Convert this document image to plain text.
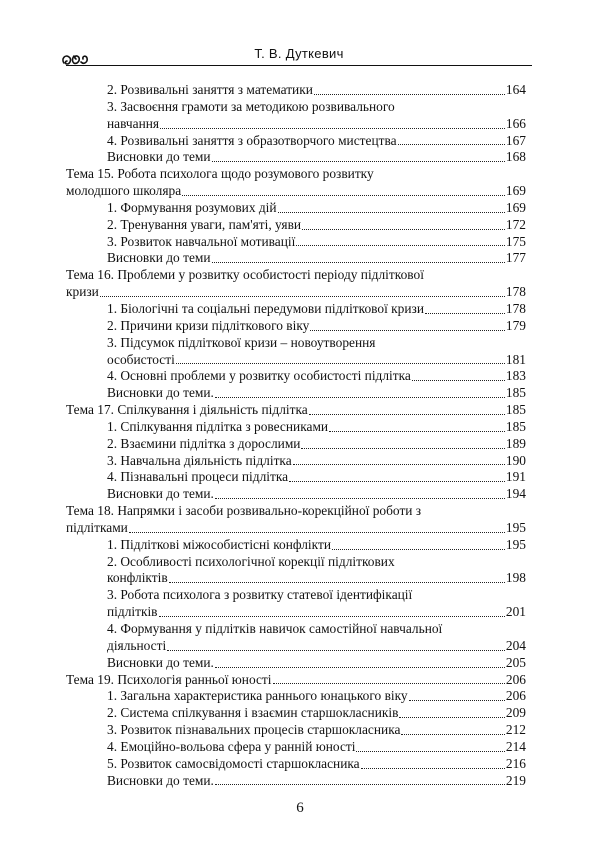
Т. В. Дуткевич
2. Розвивальні заняття з математики	164
3. Засвоєння грамоти за методикою розвивального
навчання	166
4. Розвивальні заняття з образотворчого мистецтва	167
Висновки до теми	168
Тема 15. Робота психолога щодо розумового розвитку
молодшого школяра	169
1. Формування розумових дій	169
2. Тренування уваги, пам'яті, уяви	172
3. Розвиток навчальної мотивації	175
Висновки до теми	177
Тема 16. Проблеми у розвитку особистості періоду підліткової
кризи	178
1. Біологічні та соціальні передумови підліткової кризи	178
2. Причини кризи підліткового віку	179
3. Підсумок підліткової кризи – новоутворення
особистості	181
4. Основні проблеми у розвитку особистості підлітка	183
Висновки до теми.	185
Тема 17. Спілкування і діяльність підлітка	185
1. Спілкування підлітка з ровесниками	185
2. Взаємини підлітка з дорослими	189
3. Навчальна діяльність підлітка	190
4. Пізнавальні процеси підлітка	191
Висновки до теми.	194
Тема 18. Напрямки і засоби розвивально-корекційної роботи з
підлітками	195
1. Підліткові міжособистісні конфлікти	195
2. Особливості психологічної корекції підліткових
конфліктів	198
3. Робота психолога з розвитку статевої ідентифікації
підлітків	201
4. Формування у підлітків навичок самостійної навчальної
діяльності	204
Висновки до теми.	205
Тема 19. Психологія ранньої юності	206
1. Загальна характеристика раннього юнацького віку	206
2. Система спілкування і взаємин старшокласників	209
3. Розвиток пізнавальних процесів старшокласника	212
4. Емоційно-вольова сфера у ранній юності	214
5. Розвиток самосвідомості старшокласника	216
Висновки до теми.	219
6
